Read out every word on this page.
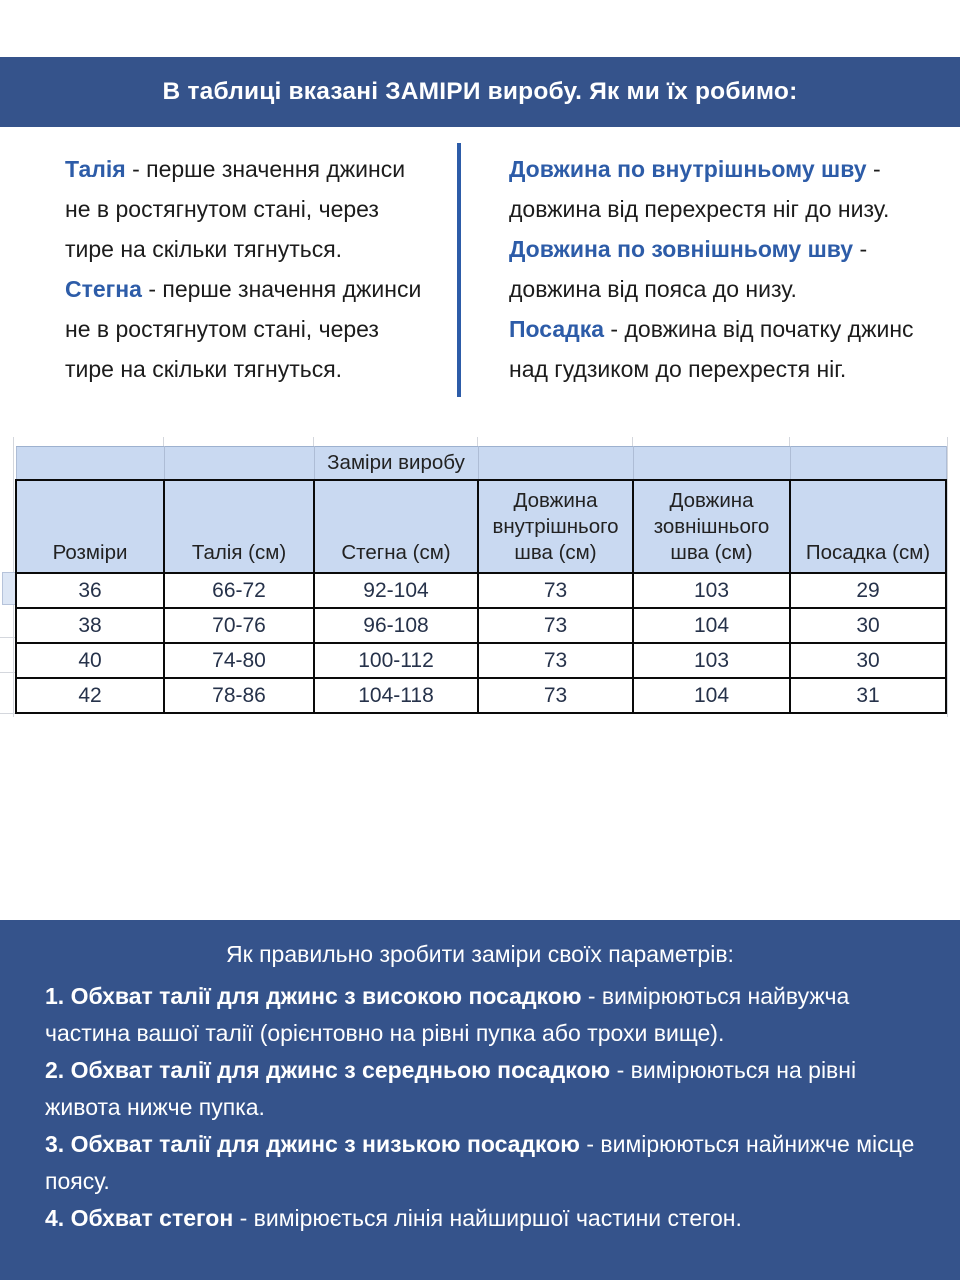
В таблиці вказані ЗАМІРИ виробу. Як ми їх робимо:

Талія - перше значення джинси не в ростягнутом стані, через тире на скільки тягнуться.

Стегна - перше значення джинси не в ростягнутом стані, через тире на скільки тягнуться.

Довжина по внутрішньому шву - довжина від перехрестя ніг до низу.

Довжина по зовнішньому шву - довжина від пояса до низу.

Посадка - довжина від початку джинс над гудзиком до перехрестя ніг.

		Заміри виробу			
Розміри	Талія (см)	Стегна (см)	Довжина внутрішнього шва (см)	Довжина зовнішнього шва (см)	Посадка (см)
36	66-72	92-104	73	103	29
38	70-76	96-108	73	104	30
40	74-80	100-112	73	103	30
42	78-86	104-118	73	104	31

Як правильно зробити заміри своїх параметрів:

1. Обхват талії для джинс з високою посадкою - вимірюються найвужча частина вашої талії (орієнтовно на рівні пупка або трохи вище).

2. Обхват талії для джинс з середньою посадкою - вимірюються на рівні живота нижче пупка.

3. Обхват талії для джинс з низькою посадкою - вимірюються найнижче місце поясу.

4. Обхват стегон - вимірюється лінія найширшої частини стегон.
